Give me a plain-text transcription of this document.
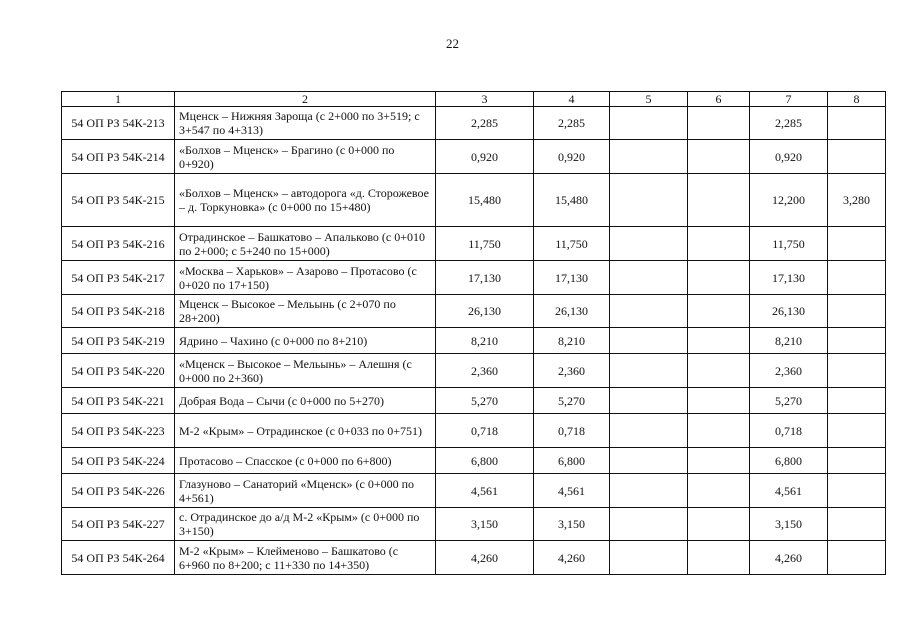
22
1	2	3	4	5	6	7	8
54 ОП РЗ 54К-213	Мценск – Нижняя Зароща (с 2+000 по 3+519; с 3+547 по 4+313)	2,285	2,285			2,285	
54 ОП РЗ 54К-214	«Болхов – Мценск» – Брагино (с 0+000 по 0+920)	0,920	0,920			0,920	
54 ОП РЗ 54К-215	«Болхов – Мценск» – автодорога «д. Сторожевое – д. Торкуновка» (с 0+000 по 15+480)	15,480	15,480			12,200	3,280
54 ОП РЗ 54К-216	Отрадинское – Башкатово – Апальково (с 0+010 по 2+000; с 5+240 по 15+000)	11,750	11,750			11,750	
54 ОП РЗ 54К-217	«Москва – Харьков» – Азарово – Протасово (с 0+020 по 17+150)	17,130	17,130			17,130	
54 ОП РЗ 54К-218	Мценск – Высокое – Мельынь (с 2+070 по 28+200)	26,130	26,130			26,130	
54 ОП РЗ 54К-219	Ядрино – Чахино (с 0+000 по 8+210)	8,210	8,210			8,210	
54 ОП РЗ 54К-220	«Мценск – Высокое – Мельынь» – Алешня (с 0+000 по 2+360)	2,360	2,360			2,360	
54 ОП РЗ 54К-221	Добрая Вода – Сычи (с 0+000 по 5+270)	5,270	5,270			5,270	
54 ОП РЗ 54К-223	М-2 «Крым» – Отрадинское (с 0+033 по 0+751)	0,718	0,718			0,718	
54 ОП РЗ 54К-224	Протасово – Спасское (с 0+000 по 6+800)	6,800	6,800			6,800	
54 ОП РЗ 54К-226	Глазуново – Санаторий «Мценск» (с 0+000 по 4+561)	4,561	4,561			4,561	
54 ОП РЗ 54К-227	с. Отрадинское до а/д М-2 «Крым» (с 0+000 по 3+150)	3,150	3,150			3,150	
54 ОП РЗ 54К-264	М-2 «Крым» – Клейменово – Башкатово (с 6+960 по 8+200; с 11+330 по 14+350)	4,260	4,260			4,260	
